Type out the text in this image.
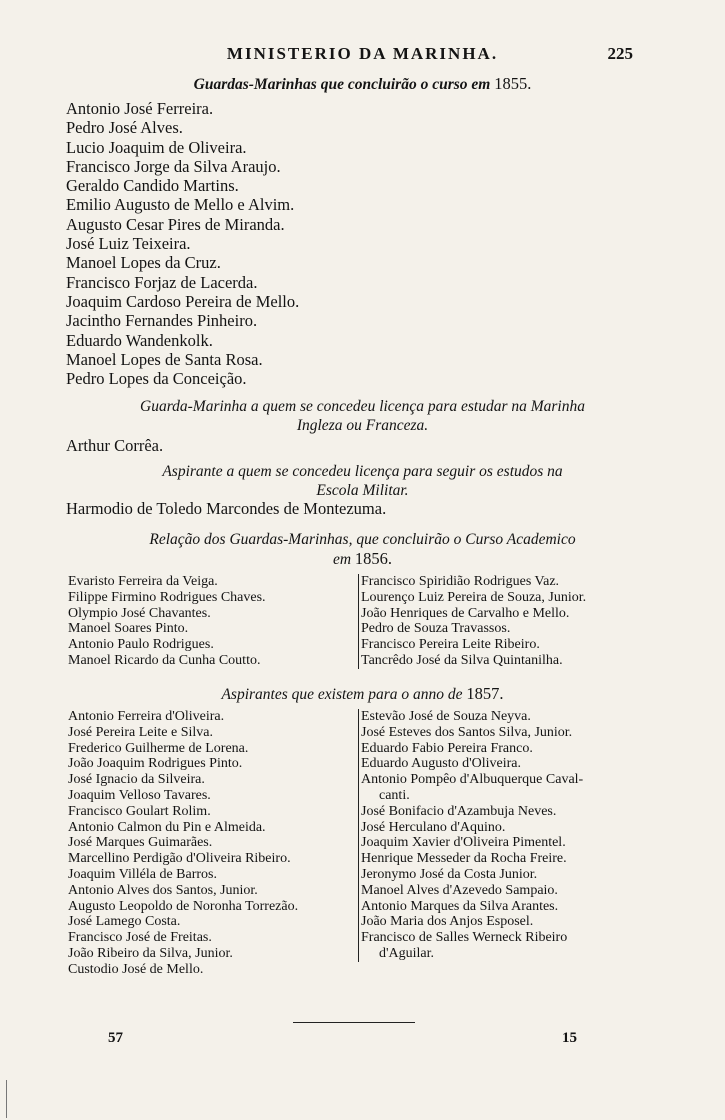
MINISTERIO DA MARINHA.	225
Guardas-Marinhas que concluirão o curso em 1855.
Antonio José Ferreira.
Pedro José Alves.
Lucio Joaquim de Oliveira.
Francisco Jorge da Silva Araujo.
Geraldo Candido Martins.
Emilio Augusto de Mello e Alvim.
Augusto Cesar Pires de Miranda.
José Luiz Teixeira.
Manoel Lopes da Cruz.
Francisco Forjaz de Lacerda.
Joaquim Cardoso Pereira de Mello.
Jacintho Fernandes Pinheiro.
Eduardo Wandenkolk.
Manoel Lopes de Santa Rosa.
Pedro Lopes da Conceição.
Guarda-Marinha a quem se concedeu licença para estudar na Marinha
Ingleza ou Franceza.
Arthur Corrêa.
Aspirante a quem se concedeu licença para seguir os estudos na
Escola Militar.
Harmodio de Toledo Marcondes de Montezuma.
Relação dos Guardas-Marinhas, que concluirão o Curso Academico
em 1856.
Evaristo Ferreira da Veiga.
Filippe Firmino Rodrigues Chaves.
Olympio José Chavantes.
Manoel Soares Pinto.
Antonio Paulo Rodrigues.
Manoel Ricardo da Cunha Coutto.
Francisco Spiridião Rodrigues Vaz.
Lourenço Luiz Pereira de Souza, Junior.
João Henriques de Carvalho e Mello.
Pedro de Souza Travassos.
Francisco Pereira Leite Ribeiro.
Tancrêdo José da Silva Quintanilha.
Aspirantes que existem para o anno de 1857.
Antonio Ferreira d'Oliveira.
José Pereira Leite e Silva.
Frederico Guilherme de Lorena.
João Joaquim Rodrigues Pinto.
José Ignacio da Silveira.
Joaquim Velloso Tavares.
Francisco Goulart Rolim.
Antonio Calmon du Pin e Almeida.
José Marques Guimarães.
Marcellino Perdigão d'Oliveira Ribeiro.
Joaquim Villéla de Barros.
Antonio Alves dos Santos, Junior.
Augusto Leopoldo de Noronha Torrezão.
José Lamego Costa.
Francisco José de Freitas.
João Ribeiro da Silva, Junior.
Custodio José de Mello.
Estevão José de Souza Neyva.
José Esteves dos Santos Silva, Junior.
Eduardo Fabio Pereira Franco.
Eduardo Augusto d'Oliveira.
Antonio Pompêo d'Albuquerque Caval-
canti.
José Bonifacio d'Azambuja Neves.
José Herculano d'Aquino.
Joaquim Xavier d'Oliveira Pimentel.
Henrique Messeder da Rocha Freire.
Jeronymo José da Costa Junior.
Manoel Alves d'Azevedo Sampaio.
Antonio Marques da Silva Arantes.
João Maria dos Anjos Esposel.
Francisco de Salles Werneck Ribeiro
d'Aguilar.
57	15
